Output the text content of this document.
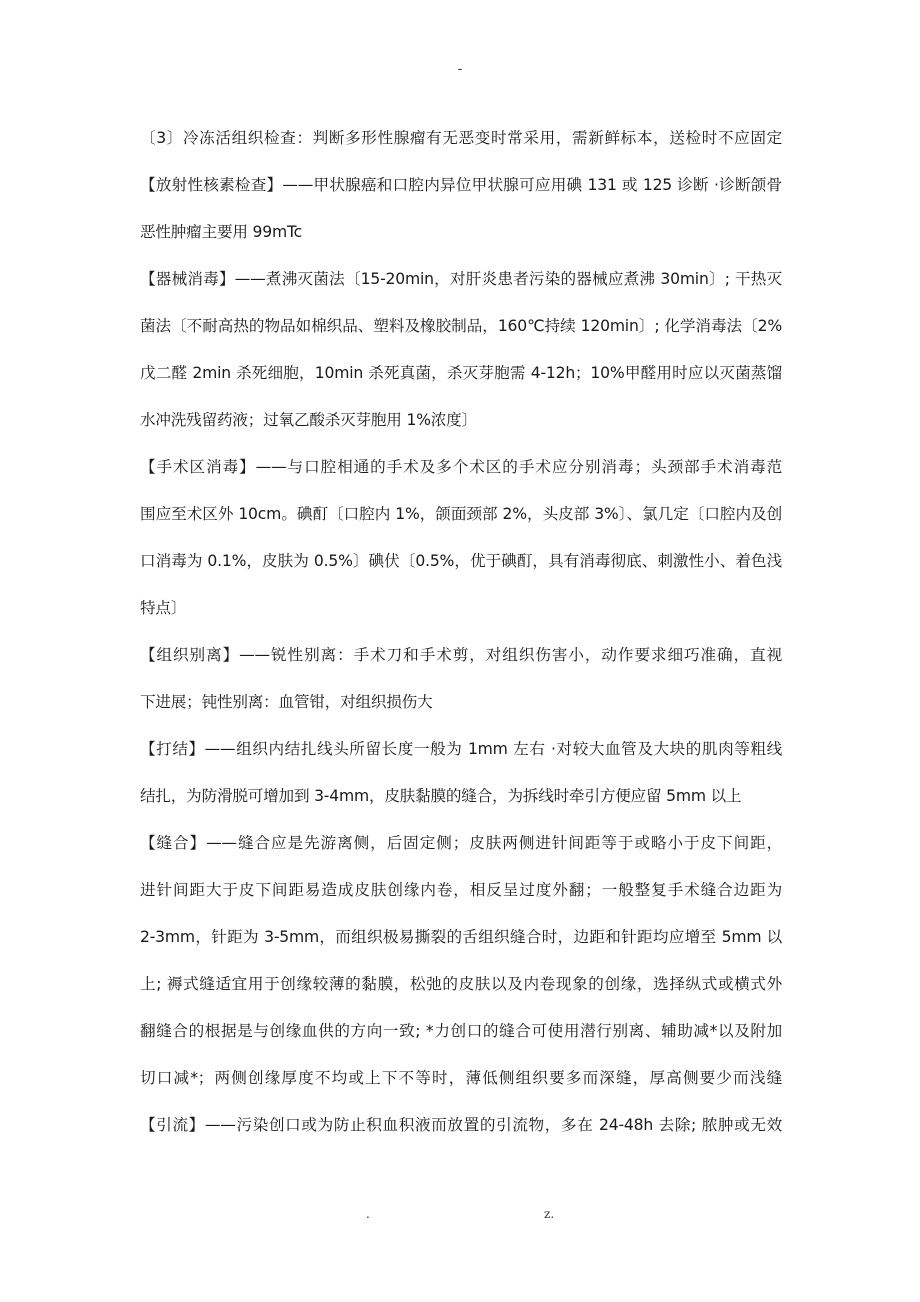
-
〔3〕冷冻活组织检查：判断多形性腺瘤有无恶变时常采用，需新鲜标本，送检时不应固定
【放射性核素检查】——甲状腺癌和口腔内异位甲状腺可应用碘 131 或 125 诊断 ·诊断颌骨
恶性肿瘤主要用 99mTc
【器械消毒】——煮沸灭菌法〔15-20min，对肝炎患者污染的器械应煮沸 30min〕; 干热灭
菌法〔不耐高热的物品如棉织品、塑料及橡胶制品，160℃持续 120min〕; 化学消毒法〔2%
戊二醛 2min 杀死细胞，10min 杀死真菌，杀灭芽胞需 4-12h；10%甲醛用时应以灭菌蒸馏
水冲洗残留药液；过氧乙酸杀灭芽胞用 1%浓度〕
【手术区消毒】——与口腔相通的手术及多个术区的手术应分别消毒；头颈部手术消毒范
围应至术区外 10cm。碘酊〔口腔内 1%，颌面颈部 2%，头皮部 3%〕、氯几定〔口腔内及创
口消毒为 0.1%，皮肤为 0.5%〕碘伏〔0.5%，优于碘酊，具有消毒彻底、刺激性小、着色浅
特点〕
【组织别离】——锐性别离：手术刀和手术剪，对组织伤害小，动作要求细巧准确，直视
下进展；钝性别离：血管钳，对组织损伤大
【打结】——组织内结扎线头所留长度一般为 1mm 左右 ·对较大血管及大块的肌肉等粗线
结扎，为防滑脱可增加到 3-4mm，皮肤黏膜的缝合，为拆线时牵引方便应留 5mm 以上
【缝合】——缝合应是先游离侧，后固定侧；皮肤两侧进针间距等于或略小于皮下间距，
进针间距大于皮下间距易造成皮肤创缘内卷，相反呈过度外翻；一般整复手术缝合边距为
2-3mm，针距为 3-5mm，而组织极易撕裂的舌组织缝合时，边距和针距均应增至 5mm 以
上; 褥式缝适宜用于创缘较薄的黏膜，松弛的皮肤以及内卷现象的创缘，选择纵式或横式外
翻缝合的根据是与创缘血供的方向一致; *力创口的缝合可使用潜行别离、辅助减*以及附加
切口减*；两侧创缘厚度不均或上下不等时，薄低侧组织要多而深缝，厚高侧要少而浅缝
【引流】——污染创口或为防止积血积液而放置的引流物，多在 24-48h 去除; 脓肿或无效
.	z.
